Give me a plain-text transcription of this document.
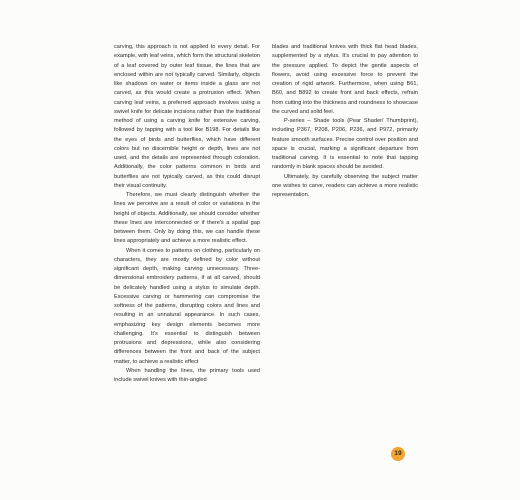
carving, this approach is not applied to every detail. For example, with leaf veins, which form the structural skeleton of a leaf covered by outer leaf tissue, the lines that are enclosed within are not typically carved. Similarly, objects like shadows on water or items inside a glass are not carved, as this would create a protrusion effect. When carving leaf veins, a preferred approach involves using a swivel knife for delicate incisions rather than the traditional method of using a carving knife for extensive carving, followed by tapping with a tool like B198. For details like the eyes of birds and butterflies, which have different colors but no discernible height or depth, lines are not used, and the details are represented through coloration. Additionally, the color patterns common in birds and butterflies are not typically carved, as this could disrupt their visual continuity.

Therefore, we must clearly distinguish whether the lines we perceive are a result of color or variations in the height of objects. Additionally, we should consider whether these lines are interconnected or if there's a spatial gap between them. Only by doing this, we can handle these lines appropriately and achieve a more realistic effect.

When it comes to patterns on clothing, particularly on characters, they are mostly defined by color without significant depth, making carving unnecessary. Three-dimensional embroidery patterns, if at all carved, should be delicately handled using a stylus to simulate depth. Excessive carving or hammering can compromise the softness of the patterns, disrupting colors and lines and resulting in an unnatural appearance. In such cases, emphasizing key design elements becomes more challenging. It's essential to distinguish between protrusions and depressions, while also considering differences between the front and back of the subject matter, to achieve a realistic effect

When handling the lines, the primary tools used include swivel knives with thin-angled

blades and traditional knives with thick flat head blades, supplemented by a stylus. It's crucial to pay attention to the pressure applied. To depict the gentle aspects of flowers, avoid using excessive force to prevent the creation of rigid artwork. Furthermore, when using B61, B60, and B892 to create front and back effects, refrain from cutting into the thickness and roundness to showcase the curved and solid feel.

P-series – Shade tools (Pear Shader/ Thumbprint), including P367, P208, P206, P236, and P972, primarily feature smooth surfaces. Precise control over position and space is crucial, marking a significant departure from traditional carving. It is essential to note that tapping randomly in blank spaces should be avoided.

Ultimately, by carefully observing the subject matter one wishes to carve, readers can achieve a more realistic representation.

19
